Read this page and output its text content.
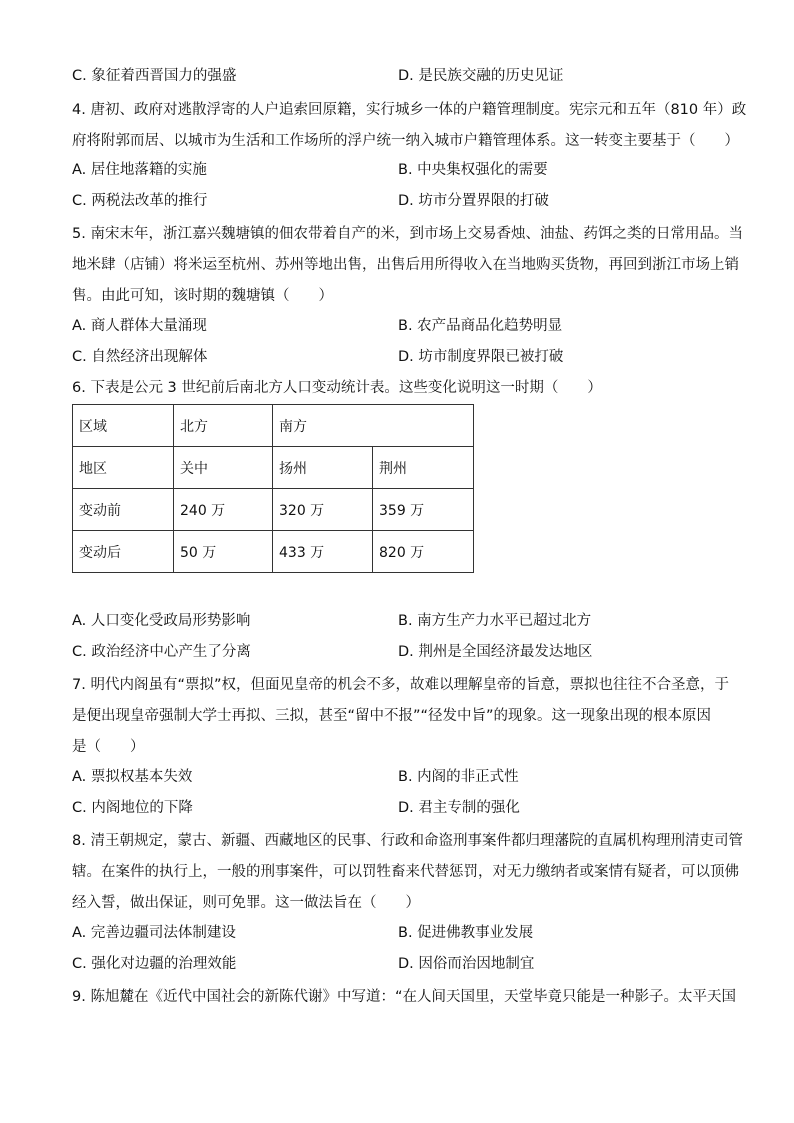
C. 象征着西晋国力的强盛	D. 是民族交融的历史见证
4. 唐初、政府对逃散浮寄的人户追索回原籍，实行城乡一体的户籍管理制度。宪宗元和五年（810 年）政
府将附郭而居、以城市为生活和工作场所的浮户统一纳入城市户籍管理体系。这一转变主要基于（　　）
A. 居住地落籍的实施	B. 中央集权强化的需要
C. 两税法改革的推行	D. 坊市分置界限的打破
5. 南宋末年，浙江嘉兴魏塘镇的佃农带着自产的米，到市场上交易香烛、油盐、药饵之类的日常用品。当
地米肆（店铺）将米运至杭州、苏州等地出售，出售后用所得收入在当地购买货物，再回到浙江市场上销
售。由此可知，该时期的魏塘镇（　　）
A. 商人群体大量涌现	B. 农产品商品化趋势明显
C. 自然经济出现解体	D. 坊市制度界限已被打破
6. 下表是公元 3 世纪前后南北方人口变动统计表。这些变化说明这一时期（　　）
区域	北方	南方	
地区	关中	扬州	荆州
变动前	240 万	320 万	359 万
变动后	50 万	433 万	820 万
A. 人口变化受政局形势影响	B. 南方生产力水平已超过北方
C. 政治经济中心产生了分离	D. 荆州是全国经济最发达地区
7. 明代内阁虽有“票拟”权，但面见皇帝的机会不多，故难以理解皇帝的旨意，票拟也往往不合圣意，于
是便出现皇帝强制大学士再拟、三拟，甚至“留中不报”“径发中旨”的现象。这一现象出现的根本原因
是（　　）
A. 票拟权基本失效	B. 内阁的非正式性
C. 内阁地位的下降	D. 君主专制的强化
8. 清王朝规定，蒙古、新疆、西藏地区的民事、行政和命盗刑事案件都归理藩院的直属机构理刑清吏司管
辖。在案件的执行上，一般的刑事案件，可以罚牲畜来代替惩罚，对无力缴纳者或案情有疑者，可以顶佛
经入誓，做出保证，则可免罪。这一做法旨在（　　）
A. 完善边疆司法体制建设	B. 促进佛教事业发展
C. 强化对边疆的治理效能	D. 因俗而治因地制宜
9. 陈旭麓在《近代中国社会的新陈代谢》中写道：“在人间天国里，天堂毕竟只能是一种影子。太平天国
